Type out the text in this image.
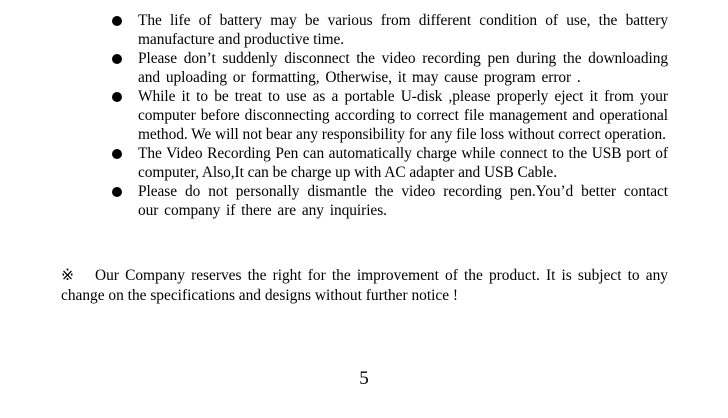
The life of battery may be various from different condition of use, the battery manufacture and productive time.
Please don’t suddenly disconnect the video recording pen during the downloading and uploading or formatting, Otherwise, it may cause program error .
While it to be treat to use as a portable U-disk ,please properly eject it from your computer before disconnecting according to correct file management and operational method. We will not bear any responsibility for any file loss without correct operation.
The Video Recording Pen can automatically charge while connect to the USB port of computer, Also,It can be charge up with AC adapter and USB Cable.
Please do not personally dismantle the video recording pen.You’d better contact our company if there are any inquiries.

※ Our Company reserves the right for the improvement of the product. It is subject to any change on the specifications and designs without further notice !

5
